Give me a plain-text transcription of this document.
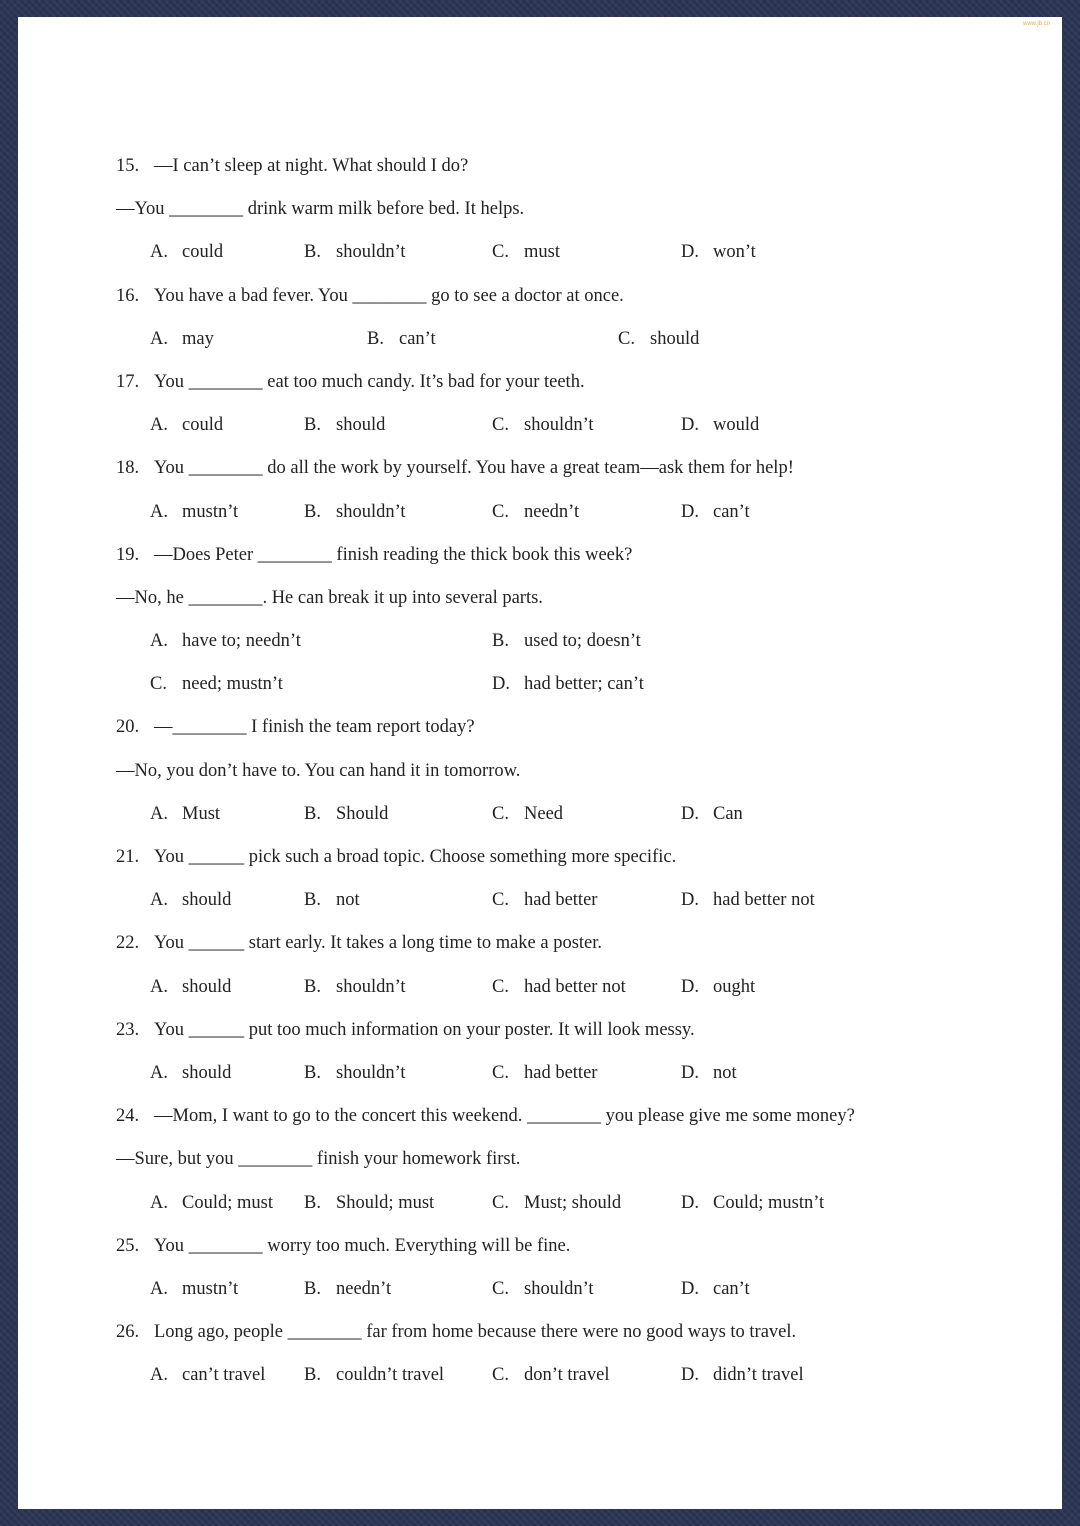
www.jb.cn
15. —I can’t sleep at night. What should I do?
—You ________ drink warm milk before bed. It helps.
A. could	B. shouldn’t	C. must	D. won’t
16. You have a bad fever. You ________ go to see a doctor at once.
A. may	B. can’t	C. should
17. You ________ eat too much candy. It’s bad for your teeth.
A. could	B. should	C. shouldn’t	D. would
18. You ________ do all the work by yourself. You have a great team—ask them for help!
A. mustn’t	B. shouldn’t	C. needn’t	D. can’t
19. —Does Peter ________ finish reading the thick book this week?
—No, he ________. He can break it up into several parts.
A. have to; needn’t	B. used to; doesn’t
C. need; mustn’t	D. had better; can’t
20. —________ I finish the team report today?
—No, you don’t have to. You can hand it in tomorrow.
A. Must	B. Should	C. Need	D. Can
21. You ______ pick such a broad topic. Choose something more specific.
A. should	B. not	C. had better	D. had better not
22. You ______ start early. It takes a long time to make a poster.
A. should	B. shouldn’t	C. had better not	D. ought
23. You ______ put too much information on your poster. It will look messy.
A. should	B. shouldn’t	C. had better	D. not
24. —Mom, I want to go to the concert this weekend. ________ you please give me some money?
—Sure, but you ________ finish your homework first.
A. Could; must B. Should; must	C. Must; should	D. Could; mustn’t
25. You ________ worry too much. Everything will be fine.
A. mustn’t	B. needn’t	C. shouldn’t	D. can’t
26. Long ago, people ________ far from home because there were no good ways to travel.
A. can’t travel B. couldn’t travel	C. don’t travel	D. didn’t travel
